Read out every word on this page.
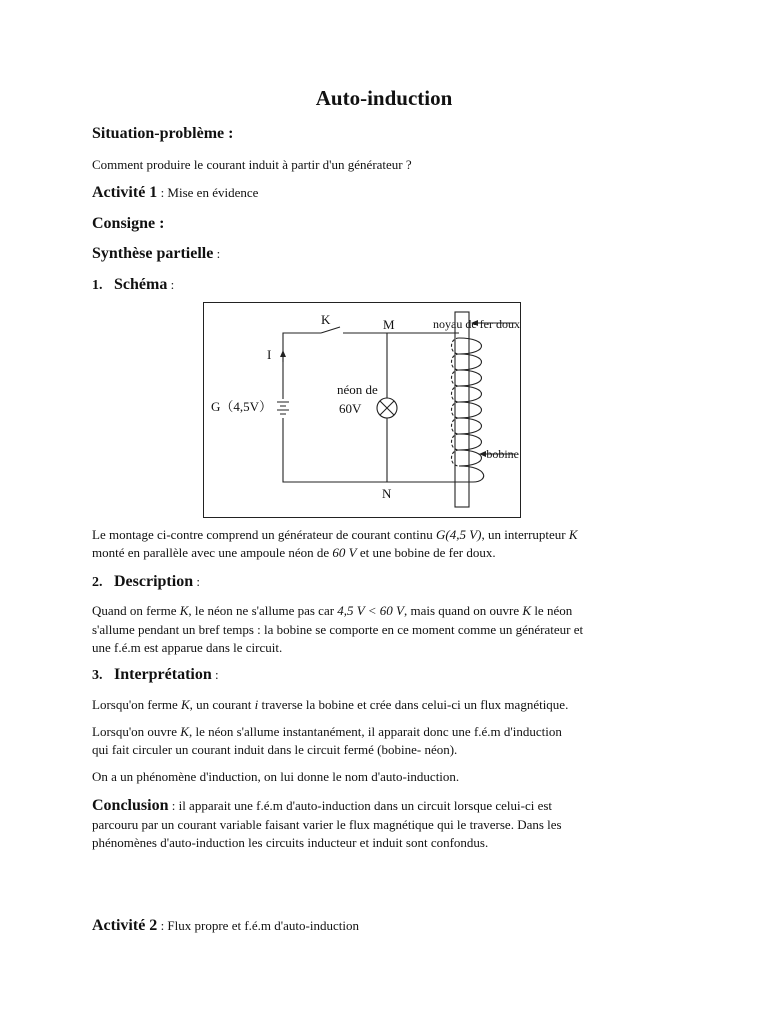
Auto-induction
Situation-problème :
Comment produire le courant induit à partir d'un générateur ?
Activité 1 : Mise en évidence
Consigne :
Synthèse partielle :
1. Schéma :
K	M
N
I
G（4,5V）
néon de
60V
noyau de fer doux
bobine
Le montage ci-contre comprend un générateur de courant continu G(4,5 V), un interrupteur K
monté en parallèle avec une ampoule néon de 60 V et une bobine de fer doux.
2. Description :
Quand on ferme K, le néon ne s'allume pas car 4,5 V < 60 V, mais quand on ouvre K le néon
s'allume pendant un bref temps : la bobine se comporte en ce moment comme un générateur et
une f.é.m est apparue dans le circuit.
3. Interprétation :
Lorsqu'on ferme K, un courant i traverse la bobine et crée dans celui-ci un flux magnétique.
Lorsqu'on ouvre K, le néon s'allume instantanément, il apparait donc une f.é.m d'induction
qui fait circuler un courant induit dans le circuit fermé (bobine- néon).
On a un phénomène d'induction, on lui donne le nom d'auto-induction.
Conclusion : il apparait une f.é.m d'auto-induction dans un circuit lorsque celui-ci est
parcouru par un courant variable faisant varier le flux magnétique qui le traverse. Dans les
phénomènes d'auto-induction les circuits inducteur et induit sont confondus.
Activité 2 : Flux propre et f.é.m d'auto-induction
